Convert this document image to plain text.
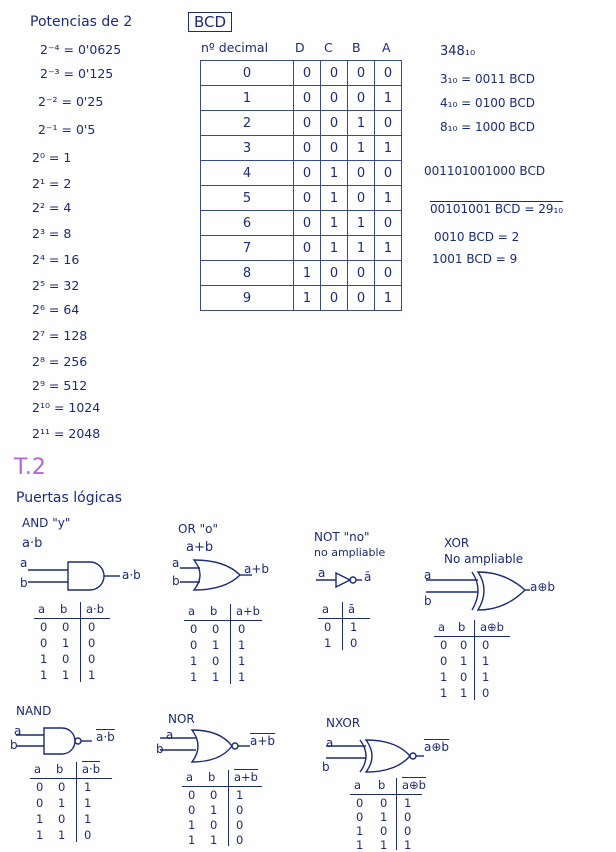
Potencias de 2
2⁻⁴ = 0'0625
2⁻³ = 0'125
2⁻² = 0'25
2⁻¹ = 0'5
2⁰ = 1
2¹ = 2
2² = 4
2³ = 8
2⁴ = 16
2⁵ = 32
2⁶ = 64
2⁷ = 128
2⁸ = 256
2⁹ = 512
2¹⁰ = 1024
2¹¹ = 2048
BCD
nº decimal D C B A
0	0	0	0	0
1	0	0	0	1
2	0	0	1	0
3	0	0	1	1
4	0	1	0	0
5	0	1	0	1
6	0	1	1	0
7	0	1	1	1
8	1	0	0	0
9	1	0	0	1
348₁₀
3₁₀ = 0011 BCD
4₁₀ = 0100 BCD
8₁₀ = 1000 BCD
001101001000 BCD
00101001 BCD = 29₁₀
0010 BCD = 2
1001 BCD = 9
T.2
Puertas lógicas
AND "y"
a·b
a
b
a·b
OR "o"
a+b
a
b
a+b
NOT "no"
no ampliable
a	ā
XOR
No ampliable
a
b
a⊕b
NAND
a
b
a·b
NOR
a
b
a+b
NXOR
a
b
a⊕b
a b a·b
0 0 0
0 1 0
1 0 0
1 1 1
a b a+b
0 0 0
0 1 1
1 0 1
1 1 1
a ā
0 1
1 0
a b a⊕b
0 0 0
0 1 1
1 0 1
1 1 0
a b a·b
0 0 1
0 1 1
1 0 1
1 1 0
a b a+b
0 0 1
0 1 0
1 0 0
1 1 0
a b a⊕b
0 0 1
0 1 0
1 0 0
1 1 1
